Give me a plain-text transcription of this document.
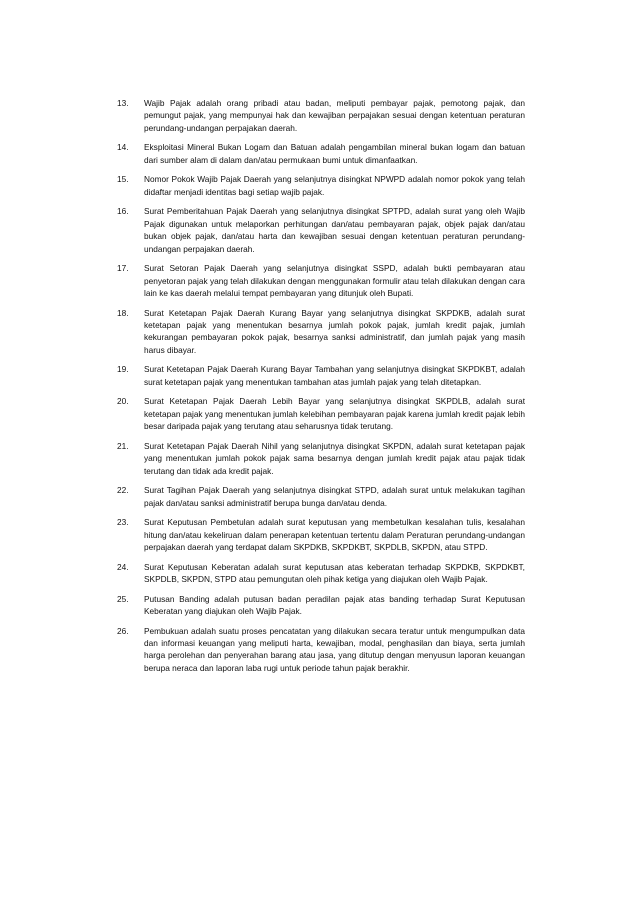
13.	Wajib Pajak adalah orang pribadi atau badan, meliputi pembayar pajak, pemotong pajak, dan pemungut pajak, yang mempunyai hak dan kewajiban perpajakan sesuai dengan ketentuan peraturan perundang-undangan perpajakan daerah.
14.	Eksploitasi Mineral Bukan Logam dan Batuan adalah pengambilan mineral bukan logam dan batuan dari sumber alam di dalam dan/atau permukaan bumi untuk dimanfaatkan.
15.	Nomor Pokok Wajib Pajak Daerah yang selanjutnya disingkat NPWPD adalah nomor pokok yang telah didaftar menjadi identitas bagi setiap wajib pajak.
16.	Surat Pemberitahuan Pajak Daerah yang selanjutnya disingkat SPTPD, adalah surat yang oleh Wajib Pajak digunakan untuk melaporkan perhitungan dan/atau pembayaran pajak, objek pajak dan/atau bukan objek pajak, dan/atau harta dan kewajiban sesuai dengan ketentuan peraturan perundang-undangan perpajakan daerah.
17.	Surat Setoran Pajak Daerah yang selanjutnya disingkat SSPD, adalah bukti pembayaran atau penyetoran pajak yang telah dilakukan dengan menggunakan formulir atau telah dilakukan dengan cara lain ke kas daerah melalui tempat pembayaran yang ditunjuk oleh Bupati.
18.	Surat Ketetapan Pajak Daerah Kurang Bayar yang selanjutnya disingkat SKPDKB, adalah surat ketetapan pajak yang menentukan besarnya jumlah pokok pajak, jumlah kredit pajak, jumlah kekurangan pembayaran pokok pajak, besarnya sanksi administratif, dan jumlah pajak yang masih harus dibayar.
19.	Surat Ketetapan Pajak Daerah Kurang Bayar Tambahan yang selanjutnya disingkat SKPDKBT, adalah surat ketetapan pajak yang menentukan tambahan atas jumlah pajak yang telah ditetapkan.
20.	Surat Ketetapan Pajak Daerah Lebih Bayar yang selanjutnya disingkat SKPDLB, adalah surat ketetapan pajak yang menentukan jumlah kelebihan pembayaran pajak karena jumlah kredit pajak lebih besar daripada pajak yang terutang atau seharusnya tidak terutang.
21.	Surat Ketetapan Pajak Daerah Nihil yang selanjutnya disingkat SKPDN, adalah surat ketetapan pajak yang menentukan jumlah pokok pajak sama besarnya dengan jumlah kredit pajak atau pajak tidak terutang dan tidak ada kredit pajak.
22.	Surat Tagihan Pajak Daerah yang selanjutnya disingkat STPD, adalah surat untuk melakukan tagihan pajak dan/atau sanksi administratif berupa bunga dan/atau denda.
23.	Surat Keputusan Pembetulan adalah surat keputusan yang membetulkan kesalahan tulis, kesalahan hitung dan/atau kekeliruan dalam penerapan ketentuan tertentu dalam Peraturan perundang-undangan perpajakan daerah yang terdapat dalam SKPDKB, SKPDKBT, SKPDLB, SKPDN, atau STPD.
24.	Surat Keputusan Keberatan adalah surat keputusan atas keberatan terhadap SKPDKB, SKPDKBT, SKPDLB, SKPDN, STPD atau pemungutan oleh pihak ketiga yang diajukan oleh Wajib Pajak.
25.	Putusan Banding adalah putusan badan peradilan pajak atas banding terhadap Surat Keputusan Keberatan yang diajukan oleh Wajib Pajak.
26.	Pembukuan adalah suatu proses pencatatan yang dilakukan secara teratur untuk mengumpulkan data dan informasi keuangan yang meliputi harta, kewajiban, modal, penghasilan dan biaya, serta jumlah harga perolehan dan penyerahan barang atau jasa, yang ditutup dengan menyusun laporan keuangan berupa neraca dan laporan laba rugi untuk periode tahun pajak berakhir.
